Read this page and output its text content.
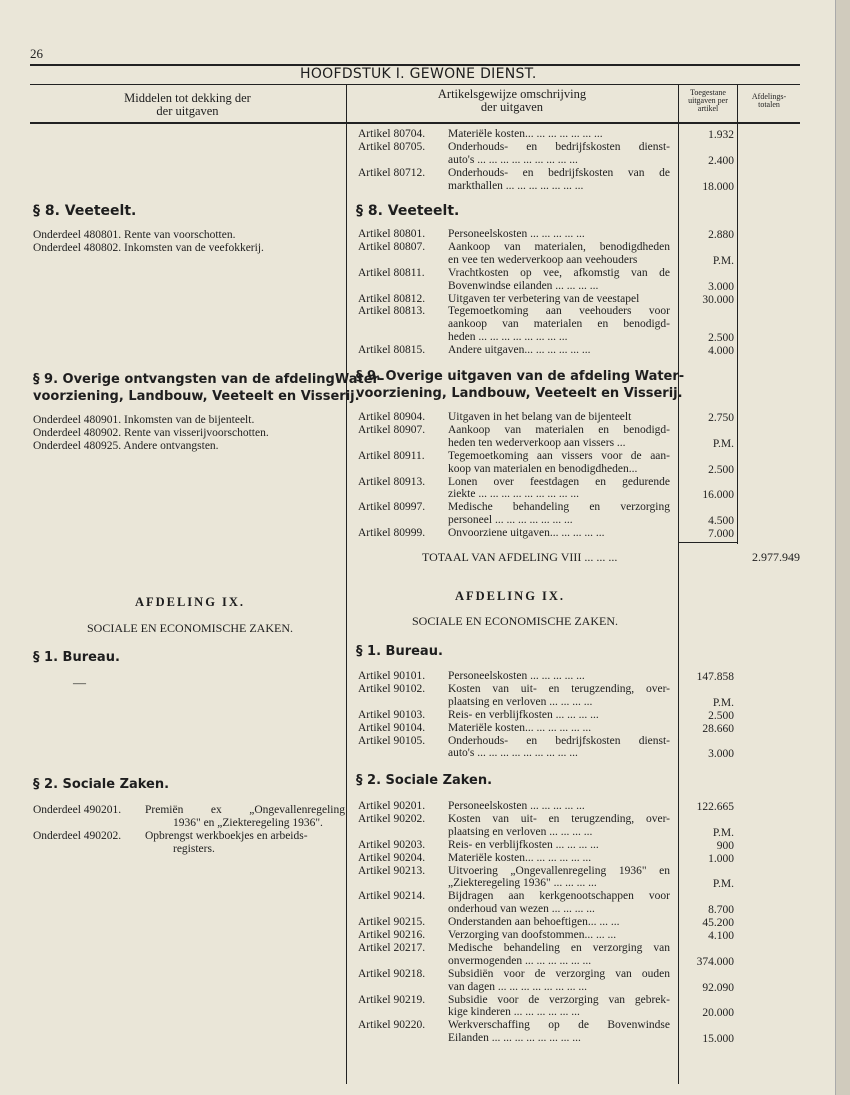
26
HOOFDSTUK I. GEWONE DIENST.
Middelen tot dekking der
der uitgaven
Artikelsgewijze omschrijving
der uitgaven
Toegestane
uitgaven per
artikel
Afdelings-
totalen
Artikel 80704. Materiële kosten... ... ... ... ... ... ...	1.932
Artikel 80705. Onderhouds- en bedrijfskosten dienst-
auto's ... ... ... ... ... ... ... ... ...	2.400
Artikel 80712. Onderhouds- en bedrijfskosten van de
markthallen ... ... ... ... ... ... ...	18.000
Artikel 80801. Personeelskosten ... ... ... ... ...	2.880
Artikel 80807. Aankoop van materialen, benodigdheden
en vee ten wederverkoop aan veehouders	P.M.
Artikel 80811. Vrachtkosten op vee, afkomstig van de
Bovenwindse eilanden ... ... ... ...	3.000
Artikel 80812. Uitgaven ter verbetering van de veestapel	30.000
Artikel 80813. Tegemoetkoming aan veehouders voor
aankoop van materialen en benodigd-
heden ... ... ... ... ... ... ... ...	2.500
Artikel 80815. Andere uitgaven... ... ... ... ... ...	4.000
Artikel 80904. Uitgaven in het belang van de bijenteelt	2.750
Artikel 80907. Aankoop van materialen en benodigd-
heden ten wederverkoop aan vissers ...	P.M.
Artikel 80911. Tegemoetkoming aan vissers voor de aan-
koop van materialen en benodigdheden...	2.500
Artikel 80913. Lonen over feestdagen en gedurende
ziekte ... ... ... ... ... ... ... ... ...	16.000
Artikel 80997. Medische behandeling en verzorging
personeel ... ... ... ... ... ... ...	4.500
Artikel 80999. Onvoorziene uitgaven... ... ... ... ...	7.000
Artikel 90101. Personeelskosten ... ... ... ... ...	147.858
Artikel 90102. Kosten van uit- en terugzending, over-
plaatsing en verloven ... ... ... ...	P.M.
Artikel 90103. Reis- en verblijfkosten ... ... ... ...	2.500
Artikel 90104. Materiële kosten... ... ... ... ... ...	28.660
Artikel 90105. Onderhouds- en bedrijfskosten dienst-
auto's ... ... ... ... ... ... ... ... ...	3.000
Artikel 90201. Personeelskosten ... ... ... ... ...	122.665
Artikel 90202. Kosten van uit- en terugzending, over-
plaatsing en verloven ... ... ... ...	P.M.
Artikel 90203. Reis- en verblijfkosten ... ... ... ...	900
Artikel 90204. Materiële kosten... ... ... ... ... ...	1.000
Artikel 90213. Uitvoering „Ongevallenregeling 1936" en
„Ziekteregeling 1936" ... ... ... ...	P.M.
Artikel 90214. Bijdragen aan kerkgenootschappen voor
onderhoud van wezen ... ... ... ...	8.700
Artikel 90215. Onderstanden aan behoeftigen... ... ...	45.200
Artikel 90216. Verzorging van doofstommen... ... ...	4.100
Artikel 20217. Medische behandeling en verzorging van
onvermogenden ... ... ... ... ... ...	374.000
Artikel 90218. Subsidiën voor de verzorging van ouden
van dagen ... ... ... ... ... ... ... ...	92.090
Artikel 90219. Subsidie voor de verzorging van gebrek-
kige kinderen ... ... ... ... ... ...	20.000
Artikel 90220. Werkverschaffing op de Bovenwindse
Eilanden ... ... ... ... ... ... ... ...	15.000
§ 8. Veeteelt.
Onderdeel 480801. Rente van voorschotten.
Onderdeel 480802. Inkomsten van de veefokkerij.
§ 8. Veeteelt.
§ 9. Overige ontvangsten van de afdelingWater-
voorziening, Landbouw, Veeteelt en Visserij.
Onderdeel 480901. Inkomsten van de bijenteelt.
Onderdeel 480902. Rente van visserijvoorschotten.
Onderdeel 480925. Andere ontvangsten.
§ 9. Overige uitgaven van de afdeling Water-
voorziening, Landbouw, Veeteelt en Visserij.
TOTAAL VAN AFDELING VIII ... ... ...	2.977.949
AFDELING IX.
SOCIALE EN ECONOMISCHE ZAKEN.
AFDELING IX.
SOCIALE EN ECONOMISCHE ZAKEN.
§ 1. Bureau.
—
§ 1. Bureau.
§ 2. Sociale Zaken.	§ 2. Sociale Zaken.
Onderdeel 490201. Premiën ex „Ongevallenregeling
1936" en „Ziekteregeling 1936".
Onderdeel 490202. Opbrengst werkboekjes en arbeids-
registers.
